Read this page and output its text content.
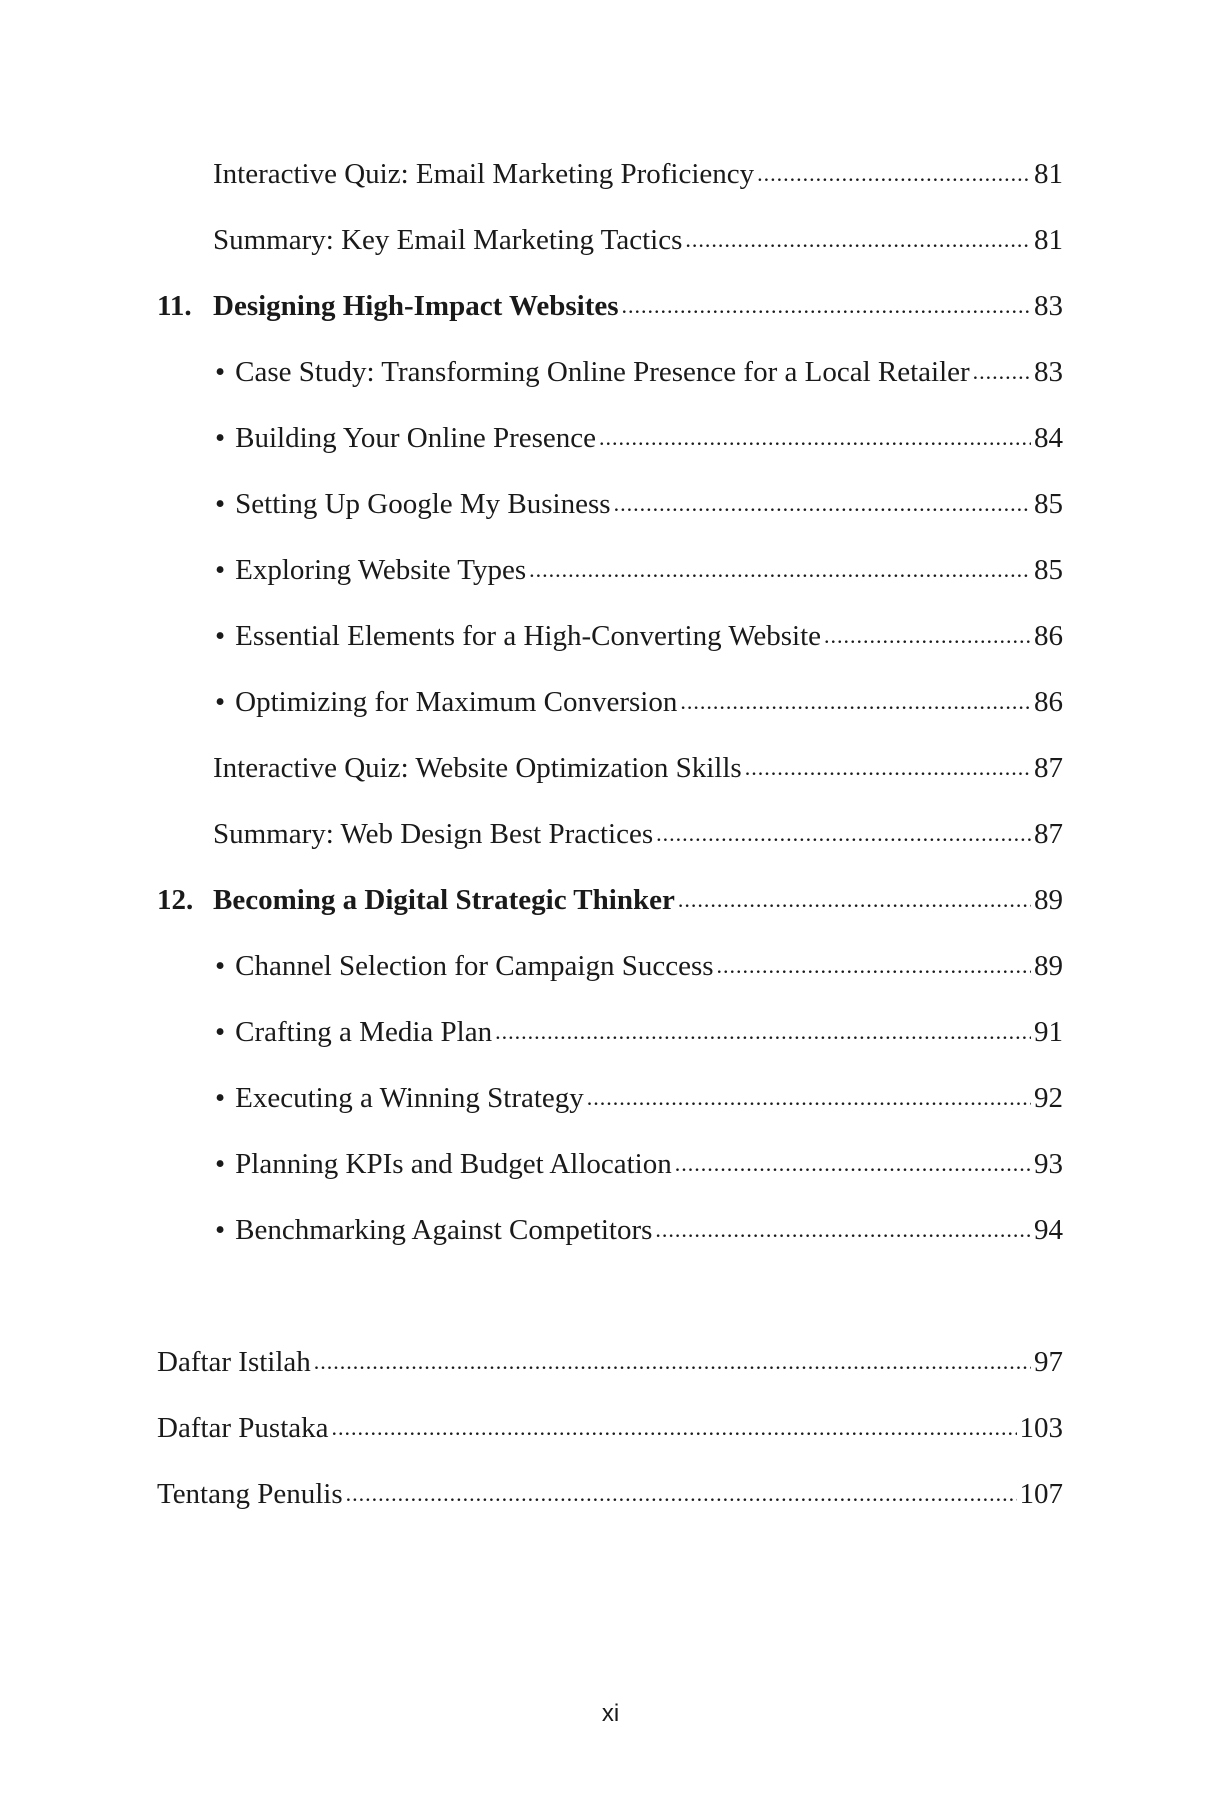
Interactive Quiz: Email Marketing Proficiency .....	81
Summary: Key Email Marketing Tactics .....	81
11. Designing High-Impact Websites .....	83
• Case Study: Transforming Online Presence for a Local Retailer ..... 83
• Building Your Online Presence .....	84
• Setting Up Google My Business .....	85
• Exploring Website Types .....	85
• Essential Elements for a High-Converting Website .....	86
• Optimizing for Maximum Conversion .....	86
Interactive Quiz: Website Optimization Skills .....	87
Summary: Web Design Best Practices .....	87
12. Becoming a Digital Strategic Thinker .....	89
• Channel Selection for Campaign Success .....	89
• Crafting a Media Plan .....	91
• Executing a Winning Strategy .....	92
• Planning KPIs and Budget Allocation .....	93
• Benchmarking Against Competitors .....	94
Daftar Istilah .....	97
Daftar Pustaka .....	103
Tentang Penulis .....	107
xi
